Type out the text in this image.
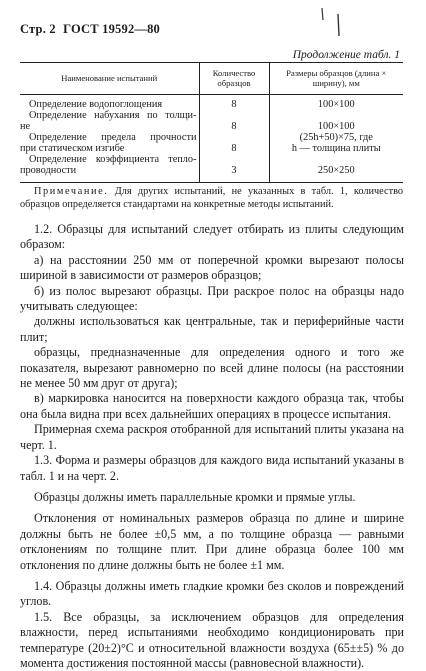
Стр. 2 ГОСТ 19592—80
Продолжение табл. 1
Наименование испытаний	Количество образцов	Размеры образцов (длина × ширину), мм

Определение водопоглощения	8	100×100

Определение набухания по толщи-
не	8	100×100

Определение предела прочности
при статическом изгибе	8	(25h+50)×75, где
h — толщина плиты

Определение коэффициента тепло-
проводности	3	250×250
Примечание. Для других испытаний, не указанных в табл. 1, количество образцов определяется стандартами на конкретные методы испытаний.

1.2. Образцы для испытаний следует отбирать из плиты следующим образом:

а) на расстоянии 250 мм от поперечной кромки вырезают полосы шириной в зависимости от размеров образцов;

б) из полос вырезают образцы. При раскрое полос на образцы надо учитывать следующее:

должны использоваться как центральные, так и периферийные части плит;

образцы, предназначенные для определения одного и того же показателя, вырезают равномерно по всей длине полосы (на расстоянии не менее 50 мм друг от друга);

в) маркировка наносится на поверхности каждого образца так, чтобы она была видна при всех дальнейших операциях в процессе испытания.

Примерная схема раскроя отобранной для испытаний плиты указана на черт. 1.

1.3. Форма и размеры образцов для каждого вида испытаний указаны в табл. 1 и на черт. 2.

Образцы должны иметь параллельные кромки и прямые углы.

Отклонения от номинальных размеров образца по длине и ширине должны быть не более ±0,5 мм, а по толщине образца — равными отклонениям по толщине плит. При длине образца более 100 мм отклонения по длине должны быть не более ±1 мм.

1.4. Образцы должны иметь гладкие кромки без сколов и повреждений углов.

1.5. Все образцы, за исключением образцов для определения влажности, перед испытаниями необходимо кондиционировать при температуре (20±2)°С и относительной влажности воздуха (65±±5) % до момента достижения постоянной массы (равновесной влажности).
